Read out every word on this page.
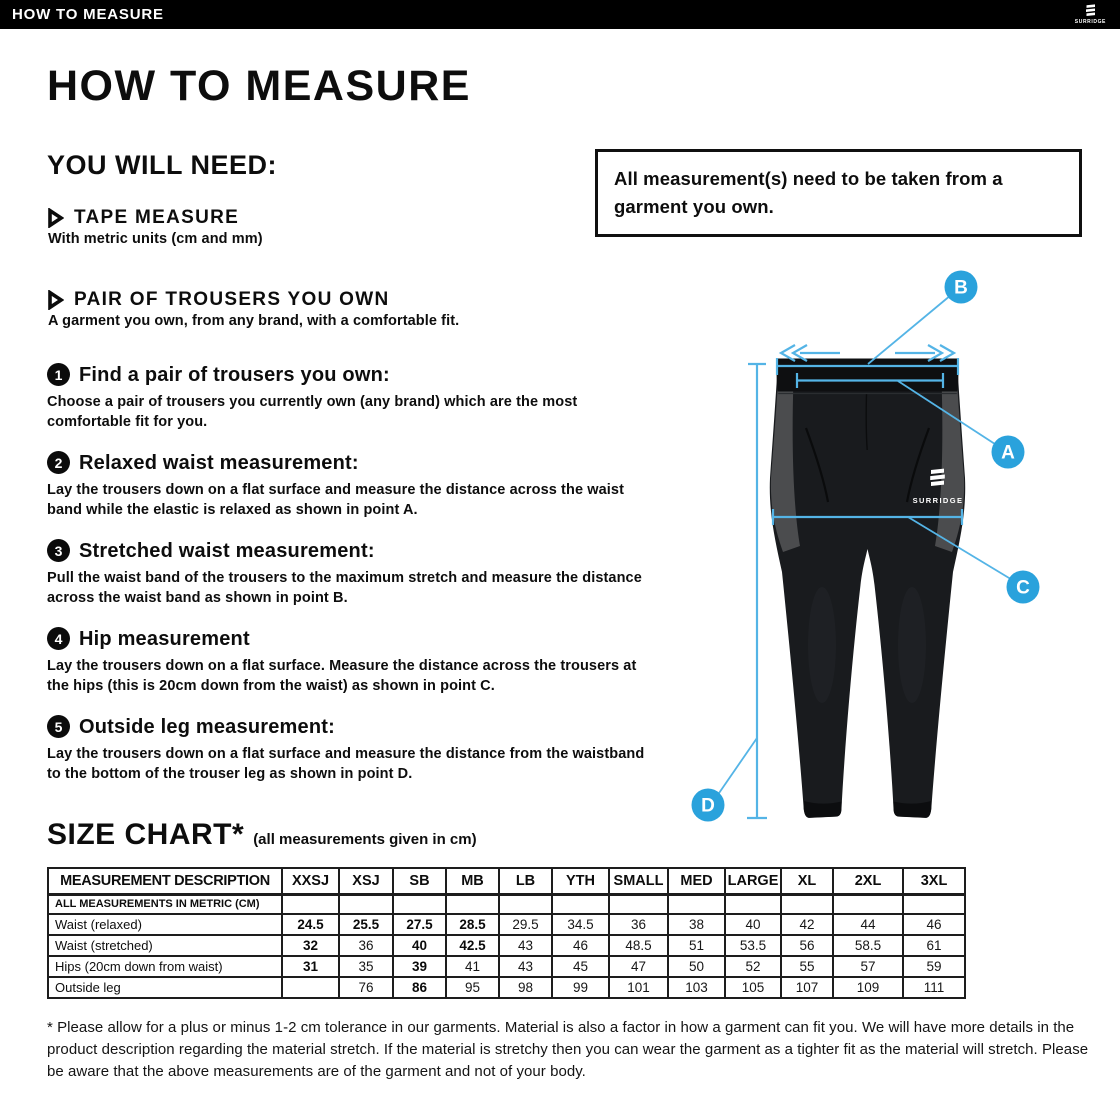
HOW TO MEASURE	SURRIDGE
All measurement(s) need to be taken from a garment you own.
HOW TO MEASURE
YOU WILL NEED:
TAPE MEASURE

With metric units (cm and mm)

PAIR OF TROUSERS YOU OWN

A garment you own, from any brand, with a comfortable fit.

1 Find a pair of trousers you own:

Choose a pair of trousers you currently own (any brand) which are the most comfortable fit for you.

2 Relaxed waist measurement:

Lay the trousers down on a flat surface and measure the distance across the waist band while the elastic is relaxed as shown in point A.

3 Stretched waist measurement:

Pull the waist band of the trousers to the maximum stretch and measure the distance across the waist band as shown in point B.

4 Hip measurement

Lay the trousers down on a flat surface. Measure the distance across the trousers at the hips (this is 20cm down from the waist) as shown in point C.

5 Outside leg measurement:

Lay the trousers down on a flat surface and measure the distance from the waistband to the bottom of the trouser leg as shown in point D.

SIZE CHART* (all measurements given in cm)
MEASUREMENT DESCRIPTION	XXSJ	XSJ	SB	MB	LB	YTH	SMALL	MED	LARGE	XL	2XL	3XL
ALL MEASUREMENTS IN METRIC (CM)												
Waist (relaxed)	24.5	25.5	27.5	28.5	29.5	34.5	36	38	40	42	44	46
Waist (stretched)	32	36	40	42.5	43	46	48.5	51	53.5	56	58.5	61
Hips (20cm down from waist)	31	35	39	41	43	45	47	50	52	55	57	59
Outside leg		76	86	95	98	99	101	103	105	107	109	111

* Please allow for a plus or minus 1-2 cm tolerance in our garments. Material is also a factor in how a garment can fit you. We will have more details in the product description regarding the material stretch. If the material is stretchy then you can wear the garment as a tighter fit as the material will stretch. Please be aware that the above measurements are of the garment and not of your body.

SURRIDGE
A
B
C
D
